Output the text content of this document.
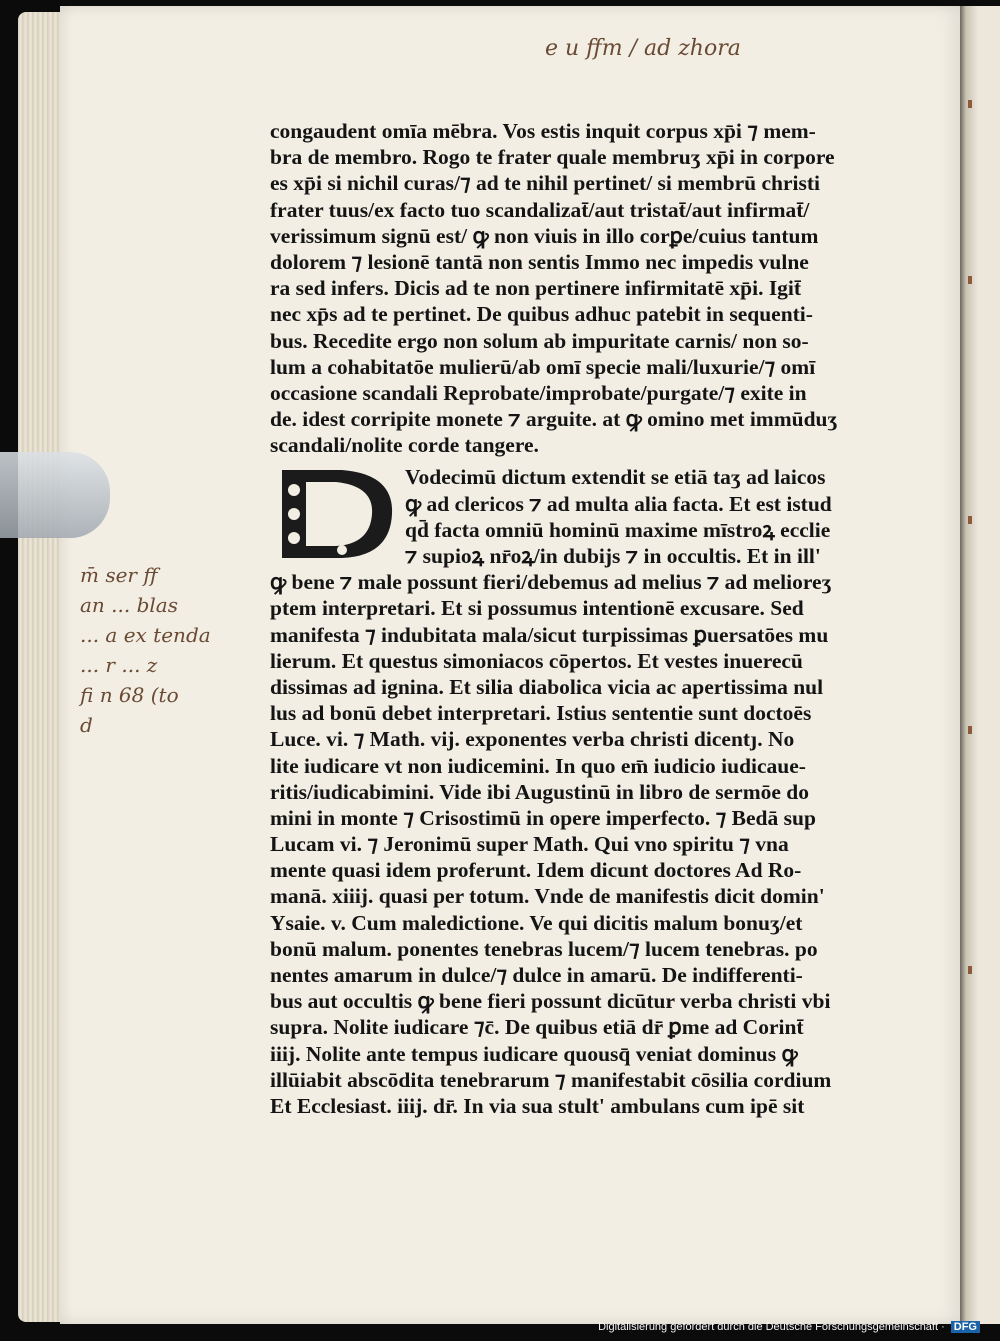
e u ffm / ad zhora
congaudent omīa mēbra. Vos estis inquit corpus xp̄i ⁊ mem-
bra de membro. Rogo te frater quale membruʒ xp̄i in corpore
es xp̄i si nichil curas/⁊ ad te nihil pertinet/ si membrū christi
frater tuus/ex facto tuo scandalizat̄/aut tristat̄/aut infirmat̄/
verissimum signū est/ ꝙ non viuis in illo corꝑe/cuius tantum
dolorem ⁊ lesionē tantā non sentis Immo nec impedis vulne
ra sed infers. Dicis ad te non pertinere infirmitatē xp̄i. Igit̄
nec xp̄s ad te pertinet. De quibus adhuc patebit in sequenti-
bus. Recedite ergo non solum ab impuritate carnis/ non so-
lum a cohabitatōe mulierū/ab omī specie mali/luxurie/⁊ omī
occasione scandali Reprobate/improbate/purgate/⁊ exite in
de. idest corripite monete ⁊ arguite. at ꝙ omino met immūduʒ
scandali/nolite corde tangere.
Vodecimū dictum extendit se etiā taʒ ad laicos
ꝙ ad clericos ⁊ ad multa alia facta. Et est istud
qd̄ facta omniū hominū maxime mīstroꝝ ecclie
⁊ supioꝝ nr̄oꝝ/in dubijs ⁊ in occultis. Et in ill'
ꝙ bene ⁊ male possunt fieri/debemus ad melius ⁊ ad melioreʒ
ptem interpretari. Et si possumus intentionē excusare. Sed
manifesta ⁊ indubitata mala/sicut turpissimas ꝑuersatōes mu
lierum. Et questus simoniacos cōpertos. Et vestes inuerecū
dissimas ad ignina. Et silia diabolica vicia ac apertissima nul
lus ad bonū debet interpretari. Istius sententie sunt doctoēs
Luce. vi. ⁊ Math. vij. exponentes verba christi dicentȷ. No
lite iudicare vt non iudicemini. In quo em̄ iudicio iudicaue-
ritis/iudicabimini. Vide ibi Augustinū in libro de sermōe do
mini in monte ⁊ Crisostimū in opere imperfecto. ⁊ Bedā sup
Lucam vi. ⁊ Jeronimū super Math. Qui vno spiritu ⁊ vna
mente quasi idem proferunt. Idem dicunt doctores Ad Ro-
manā. xiiij. quasi per totum. Vnde de manifestis dicit domin'
Ysaie. v. Cum maledictione. Ve qui dicitis malum bonuʒ/et
bonū malum. ponentes tenebras lucem/⁊ lucem tenebras. po
nentes amarum in dulce/⁊ dulce in amarū. De indifferenti-
bus aut occultis ꝙ bene fieri possunt dicūtur verba christi vbi
supra. Nolite iudicare ⁊c̄. De quibus etiā dr̄ ꝑme ad Corint̄
iiij. Nolite ante tempus iudicare quousq̄ veniat dominus ꝙ
illūiabit abscōdita tenebrarum ⁊ manifestabit cōsilia cordium
Et Ecclesiast. iiij. dr̄. In via sua stult' ambulans cum ipē sit
m̄ ser ff
an ... blas
... a ex tenda
... r ... z
fi n 68 (to
d
Digitalisierung gefördert durch die Deutsche Forschungsgemeinschaft · DFG
